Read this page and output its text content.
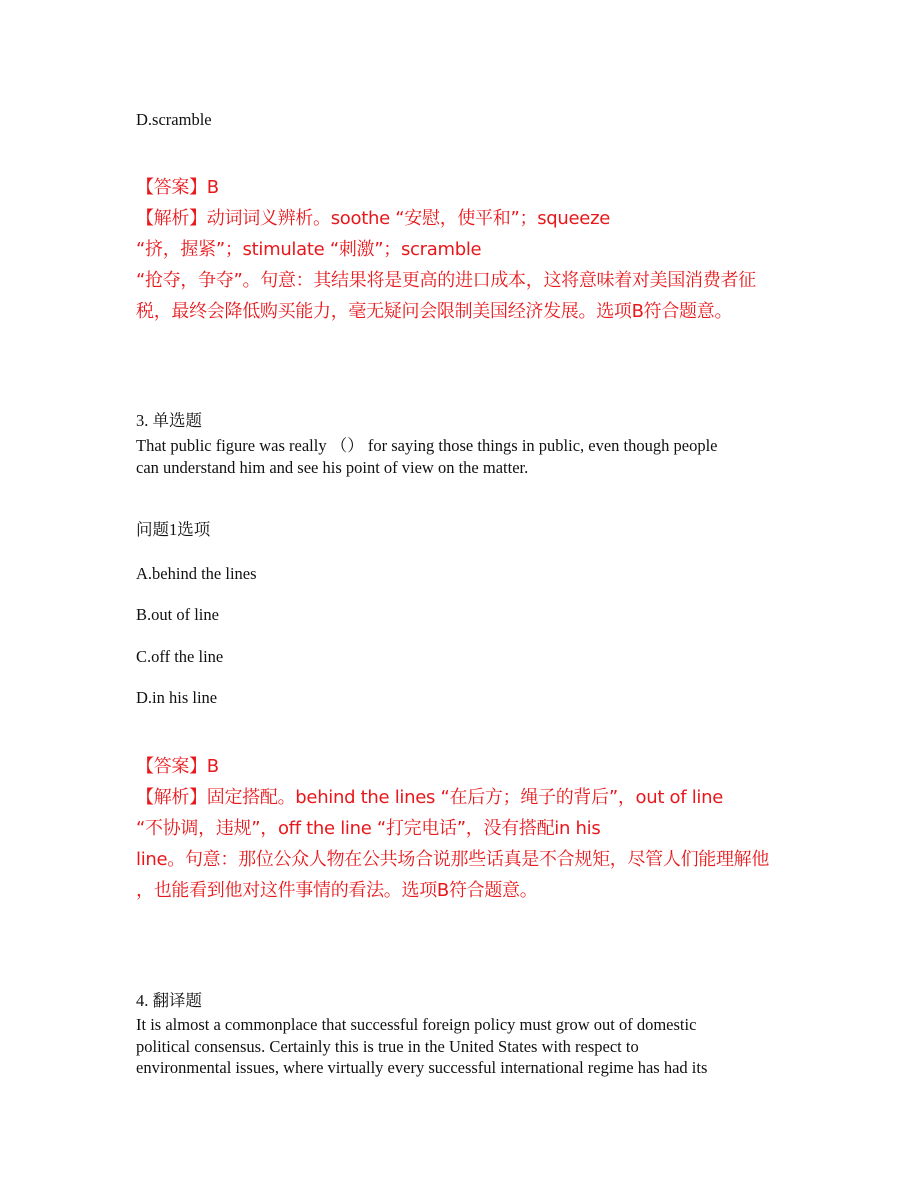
D.scramble
【答案】B
【解析】动词词义辨析。soothe “安慰，使平和”；squeeze
“挤，握紧”；stimulate “刺激”；scramble
“抢夺，争夺”。句意：其结果将是更高的进口成本，这将意味着对美国消费者征
税，最终会降低购买能力，毫无疑问会限制美国经济发展。选项B符合题意。
3. 单选题
That public figure was really （） for saying those things in public, even though people
can understand him and see his point of view on the matter.
问题1选项
A.behind the lines
B.out of line
C.off the line
D.in his line
【答案】B
【解析】固定搭配。behind the lines “在后方；绳子的背后”，out of line
“不协调，违规”，off the line “打完电话”，没有搭配in his
line。句意：那位公众人物在公共场合说那些话真是不合规矩，尽管人们能理解他
，也能看到他对这件事情的看法。选项B符合题意。
4. 翻译题
It is almost a commonplace that successful foreign policy must grow out of domestic
political consensus. Certainly this is true in the United States with respect to
environmental issues, where virtually every successful international regime has had its
